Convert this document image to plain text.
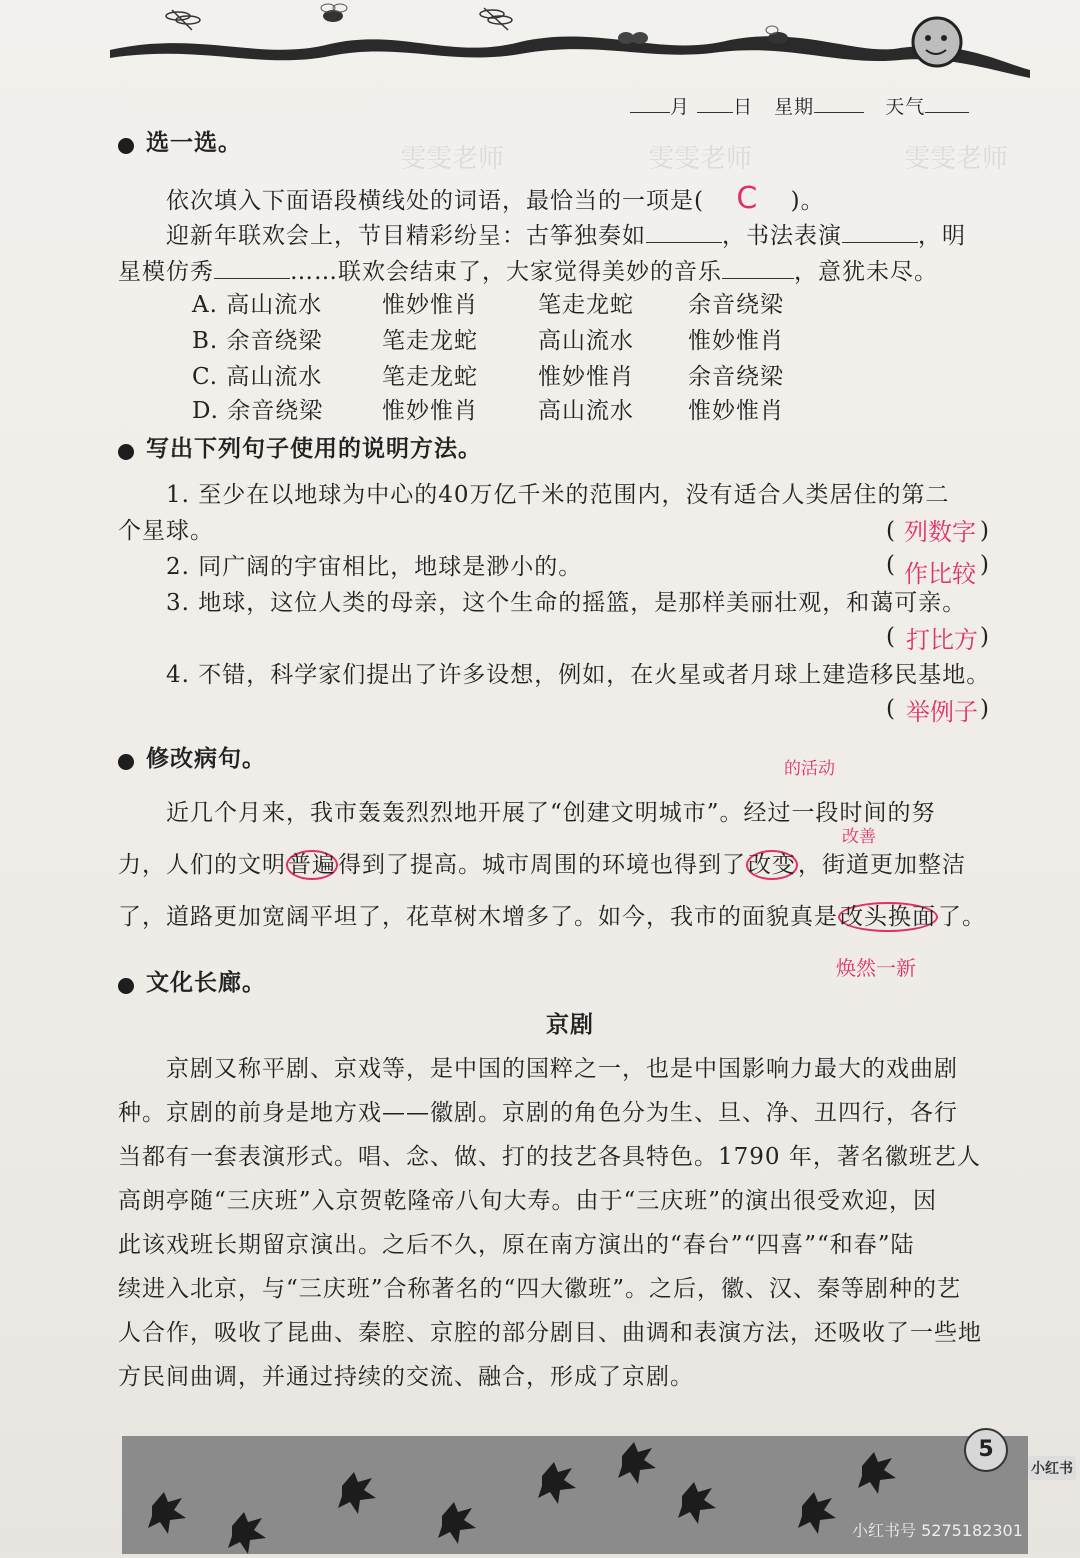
月 日 星期	天气
雯雯老师	雯雯老师	雯雯老师
选一选。
依次填入下面语段横线处的词语，最恰当的一项是( C )。
迎新年联欢会上，节目精彩纷呈：古筝独奏如	，书法表演	，明
星模仿秀	……联欢会结束了，大家觉得美妙的音乐	，意犹未尽。
A. 高山流水	惟妙惟肖	笔走龙蛇 余音绕梁
B. 余音绕梁	笔走龙蛇	高山流水 惟妙惟肖
C. 高山流水	笔走龙蛇	惟妙惟肖 余音绕梁
D. 余音绕梁	惟妙惟肖	高山流水 惟妙惟肖
写出下列句子使用的说明方法。
1. 至少在以地球为中心的40万亿千米的范围内，没有适合人类居住的第二
个星球。	(	)
列数字
2. 同广阔的宇宙相比，地球是渺小的。	(	)
作比较
3. 地球，这位人类的母亲，这个生命的摇篮，是那样美丽壮观，和蔼可亲。
(	)
打比方
4. 不错，科学家们提出了许多设想，例如，在火星或者月球上建造移民基地。
(	)
举例子
修改病句。	的活动
近几个月来，我市轰轰烈烈地开展了“创建文明城市”。经过一段时间的努
改善
力，人们的文明普遍得到了提高。城市周围的环境也得到了改变，街道更加整洁
了，道路更加宽阔平坦了，花草树木增多了。如今，我市的面貌真是改头换面了。
焕然一新
文化长廊。
京剧
京剧又称平剧、京戏等，是中国的国粹之一，也是中国影响力最大的戏曲剧
种。京剧的前身是地方戏——徽剧。京剧的角色分为生、旦、净、丑四行，各行
当都有一套表演形式。唱、念、做、打的技艺各具特色。1790 年，著名徽班艺人
高朗亭随“三庆班”入京贺乾隆帝八旬大寿。由于“三庆班”的演出很受欢迎，因
此该戏班长期留京演出。之后不久，原在南方演出的“春台”“四喜”“和春”陆
续进入北京，与“三庆班”合称著名的“四大徽班”。之后，徽、汉、秦等剧种的艺
人合作，吸收了昆曲、秦腔、京腔的部分剧目、曲调和表演方法，还吸收了一些地
方民间曲调，并通过持续的交流、融合，形成了京剧。
5
小红书
小红书号 5275182301
